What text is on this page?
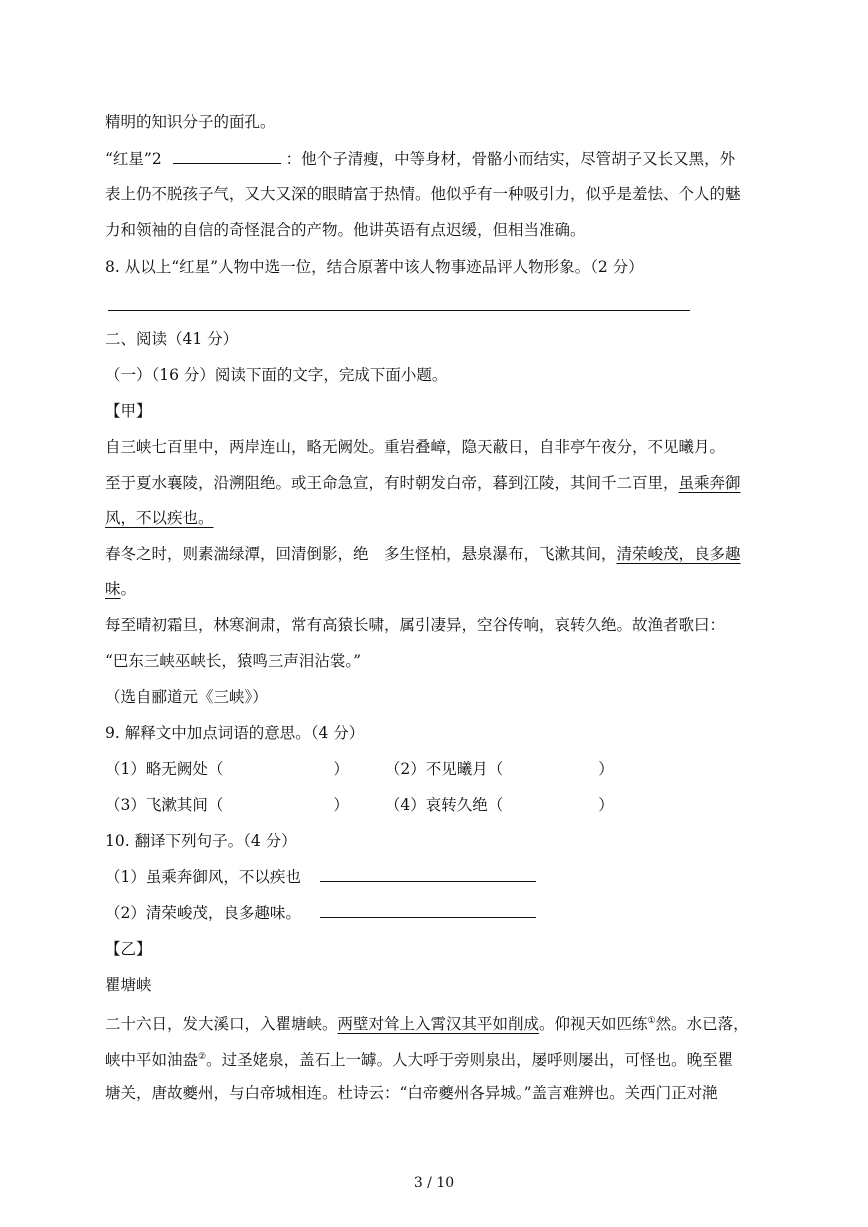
精明的知识分子的面孔。
“红星”2	：他个子清瘦，中等身材，骨骼小而结实，尽管胡子又长又黑，外
表上仍不脱孩子气，又大又深的眼睛富于热情。他似乎有一种吸引力，似乎是羞怯、个人的魅
力和领袖的自信的奇怪混合的产物。他讲英语有点迟缓，但相当准确。
8. 从以上“红星”人物中选一位，结合原著中该人物事迹品评人物形象。（2 分）
二、阅读（41 分）
（一）（16 分）阅读下面的文字，完成下面小题。
【甲】
自三峡七百里中，两岸连山，略无阙处。重岩叠嶂，隐天蔽日，自非亭午夜分，不见曦月。
至于夏水襄陵，沿溯阻绝。或王命急宣，有时朝发白帝，暮到江陵，其间千二百里，虽乘奔御
风，不以疾也。
春冬之时，则素湍绿潭，回清倒影，绝　多生怪柏，悬泉瀑布，飞漱其间，清荣峻茂，良多趣
味。
每至晴初霜旦，林寒涧肃，常有高猿长啸，属引凄异，空谷传响，哀转久绝。故渔者歌曰：
“巴东三峡巫峡长，猿鸣三声泪沾裳。”
（选自郦道元《三峡》）
9. 解释文中加点词语的意思。（4 分）
（1）略无阙处（	） （2）不见曦月（	）
（3）飞漱其间（	） （4）哀转久绝（	）
10. 翻译下列句子。（4 分）
（1）虽乘奔御风，不以疾也
（2）清荣峻茂，良多趣味。
【乙】
瞿塘峡
二十六日，发大溪口，入瞿塘峡。两壁对耸上入霄汉其平如削成。仰视天如匹练①然。水已落，
峡中平如油盎②。过圣姥泉，盖石上一罅。人大呼于旁则泉出，屡呼则屡出，可怪也。晚至瞿
塘关，唐故夔州，与白帝城相连。杜诗云：“白帝夔州各异城。”盖言难辨也。关西门正对滟
3 / 10
